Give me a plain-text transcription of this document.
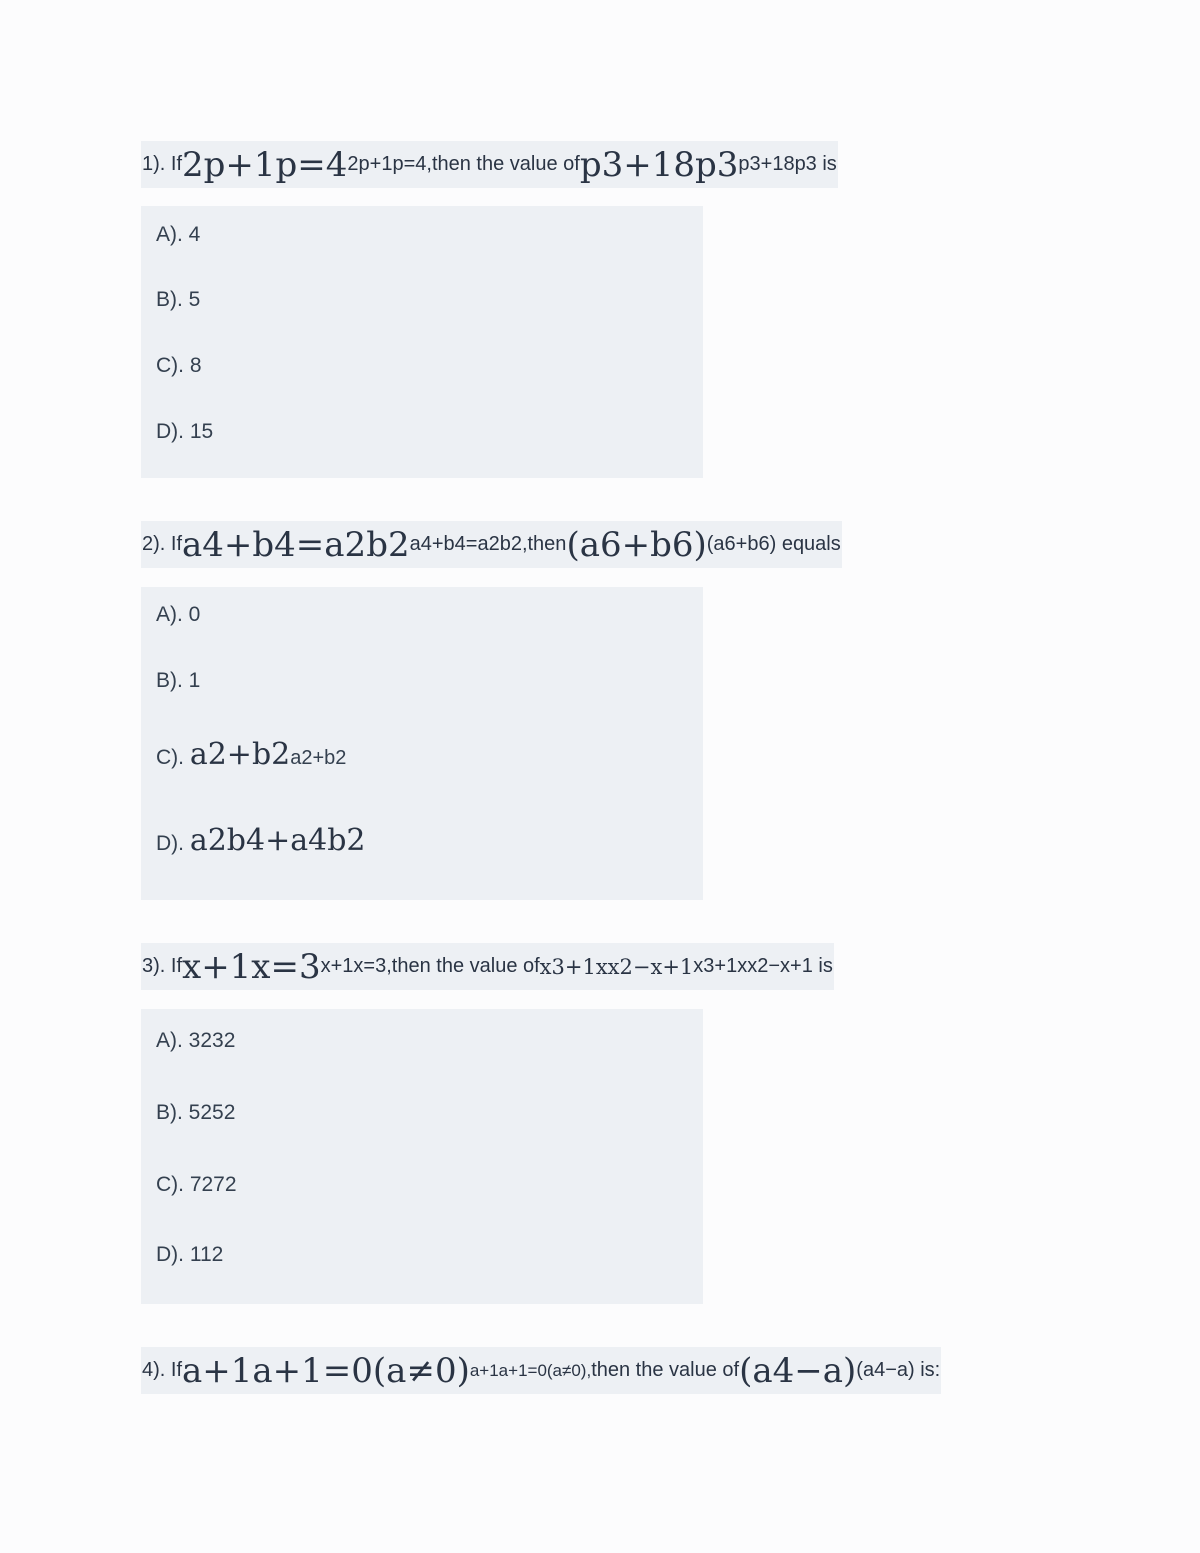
1). If 2p+1p=4 2p+1p=4, then the value of p3+18p3 p3+18p3 is
A). 4
B). 5
C). 8
D). 15
2). If a4+b4=a2b2 a4+b4=a2b2, then (a6+b6) (a6+b6) equals
A). 0
B). 1
C). a2+b2a2+b2
D). a2b4+a4b2
3). If x+1x=3 x+1x=3, then the value of x3+1xx2−x+1 x3+1xx2−x+1 is
A). 3232
B). 5252
C). 7272
D). 112
4). If a+1a+1=0(a≠0) a+1a+1=0(a≠0), then the value of (a4−a) (a4−a) is:
